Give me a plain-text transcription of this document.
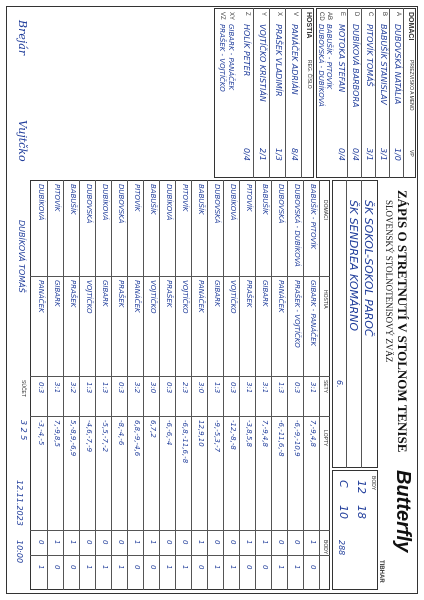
Butterfly
TIBHAR
ZÁPIS O STRETNUTÍ V STOLNOM TENISE
SLOVENSKÝ STOLNOTENISOVÝ ZVÄZ
ŠK SOKOL-SOKOL PAROČ
ŠK SENDREA KOMÁRNO
6.
BODY
12
18
C
10
288
DOMÁCI
PRIEZVISKO A MENO
VP
HOSTIA
REG. ČÍSLO
DOMÁCI
HOSTIA
SETY
LOPTY
BODY
SÚČET
3 2 5
12.11.2023
10:00
Brejár
Vujtčko
DUBÍKOVÁ TOMÁŠ
A
DUBOVSKÁ NATÁLIA
1/0
B
BABUŠÍK STANISLAV
3/1
C
PITOVÍK TOMÁŠ
3/1
D
DUBÍKOVÁ BARBORA
0/4
E
MOTOKA STEFAN
0/4
AB
BABUŠÍK - PITOVÍK
CD
DUBOVSKÁ - DUBÍKOVÁ
V
PANÁČEK ADRIÁN
8/4
X
PRAŠEK VLADIMÍR
1/3
Y
VOJTÍČKO KRISTIÁN
2/1
Z
HOLÍK PETER
0/4
XY
GIBARK - PANÁČEK
VZ
PRAŠEK - VOJTÍČKO
BABUŠÍK - PITOVÍK
GIBARK - PANÁČEK
3:1
7,-9,4,8
1
0
DUBOVSKÁ - DUBÍKOVÁ
PRAŠEK - VOJTÍČKO
0:3
-6,-9,-10,9
0
1
DUBOVSKÁ
PANÁČEK
1:3
-6,-11,6,-8
0
1
BABUŠÍK
GIBARK
3:1
7,-9,4,8
1
0
PITOVÍK
PRAŠEK
3:1
-3,8,5,8
1
0
DUBÍKOVÁ
VOJTÍČKO
0:3
-12,-8,-8
0
1
DUBOVSKÁ
GIBARK
1:3
-9,-5,3,-7
0
1
BABUŠÍK
PANÁČEK
3:0
12,9,10
1
0
PITOVÍK
VOJTÍČKO
2:3
-6,8,-11,6,-8
0
1
DUBÍKOVÁ
PRAŠEK
0:3
-6,-6,-4
0
1
BABUŠÍK
VOJTÍČKO
3:0
6,7,2
1
0
PITOVÍK
PANÁČEK
3:2
6,8,-9,-4,6
1
0
DUBOVSKÁ
PRAŠEK
0:3
-8,-4,-6
0
1
DUBÍKOVÁ
GIBARK
1:3
-5,5,-7,-2
0
1
DUBOVSKÁ
VOJTÍČKO
1:3
-4,6,-7,-9
0
1
BABUŠÍK
PRAŠEK
3:2
5,-8,9,-6,9
1
0
PITOVÍK
GIBARK
3:1
7,-9,8,5
1
0
DUBÍKOVÁ
PANÁČEK
0:3
-3,-4,-5
0
1
